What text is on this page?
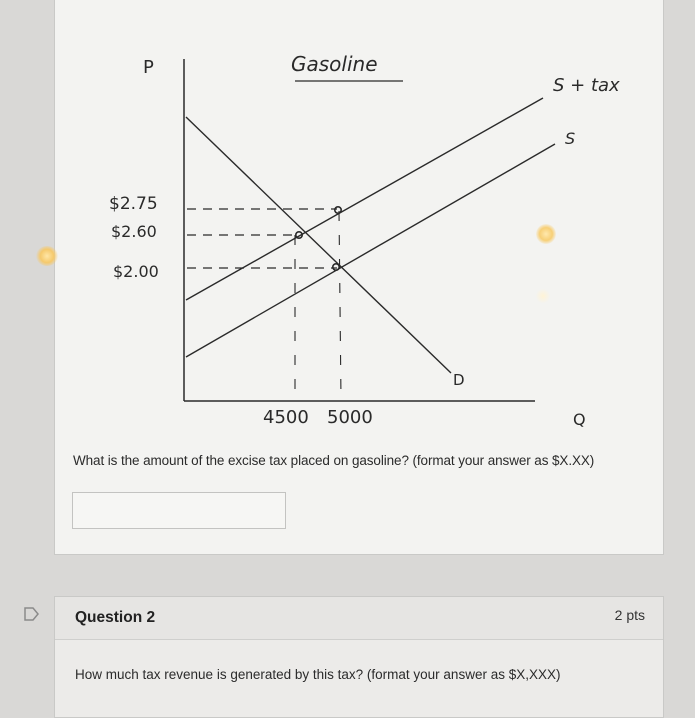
Gasoline
P
S + tax
S
D
Q
$2.75
$2.60
$2.00
4500 5000
What is the amount of the excise tax placed on gasoline? (format your answer as $X.XX)
Question 2	2 pts
How much tax revenue is generated by this tax? (format your answer as $X,XXX)
